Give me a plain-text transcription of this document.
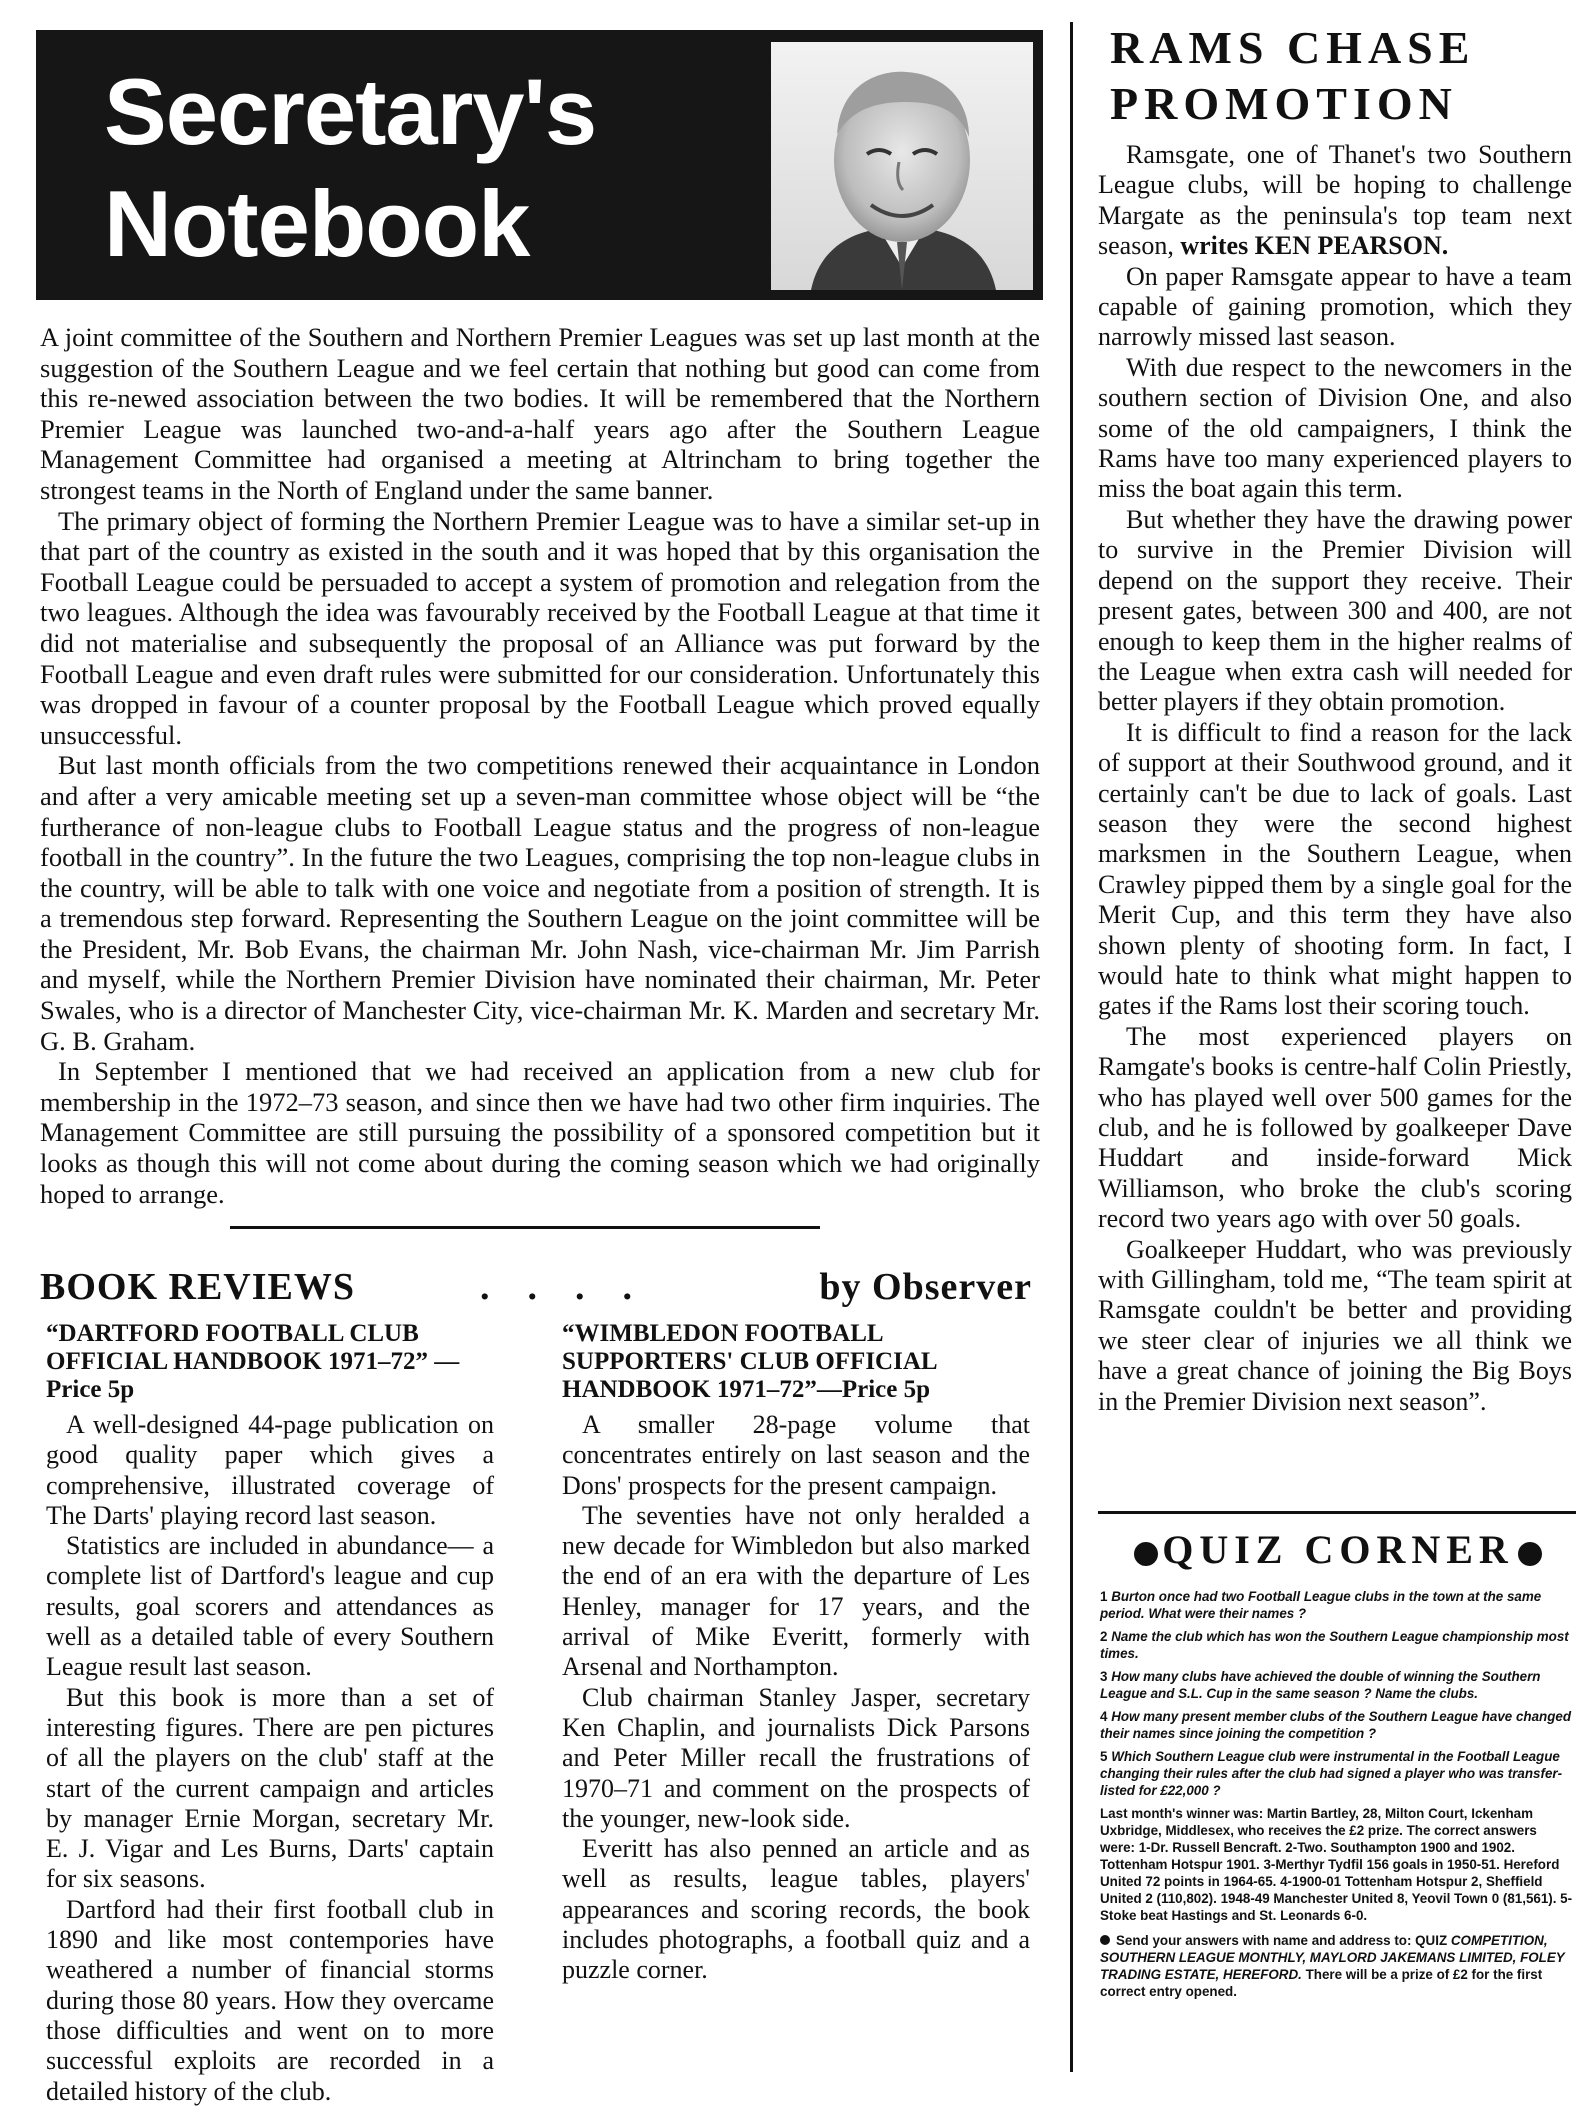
Secretary's
Notebook

A joint committee of the Southern and Northern Premier Leagues was set up last month at the suggestion of the Southern League and we feel certain that nothing but good can come from this re-newed association between the two bodies. It will be remembered that the Northern Premier League was launched two-and-a-half years ago after the Southern League Management Committee had organised a meeting at Altrincham to bring together the strongest teams in the North of England under the same banner.

The primary object of forming the Northern Premier League was to have a similar set-up in that part of the country as existed in the south and it was hoped that by this organisation the Football League could be persuaded to accept a system of promotion and relegation from the two leagues. Although the idea was favourably received by the Football League at that time it did not materialise and subsequently the proposal of an Alliance was put forward by the Football League and even draft rules were submitted for our consideration. Unfortunately this was dropped in favour of a counter proposal by the Football League which proved equally unsuccessful.

But last month officials from the two competitions renewed their acquaintance in London and after a very amicable meeting set up a seven-man committee whose object will be “the furtherance of non-league clubs to Football League status and the progress of non-league football in the country”. In the future the two Leagues, comprising the top non-league clubs in the country, will be able to talk with one voice and negotiate from a position of strength. It is a tremendous step forward. Representing the Southern League on the joint committee will be the President, Mr. Bob Evans, the chairman Mr. John Nash, vice-chairman Mr. Jim Parrish and myself, while the Northern Premier Division have nominated their chairman, Mr. Peter Swales, who is a director of Manchester City, vice-chairman Mr. K. Marden and secretary Mr. G. B. Graham.

In September I mentioned that we had received an application from a new club for membership in the 1972–73 season, and since then we have had two other firm inquiries. The Management Committee are still pursuing the possibility of a sponsored competition but it looks as though this will not come about during the coming season which we had originally hoped to arrange.

BOOK REVIEWS	....	by Observer
“DARTFORD FOOTBALL CLUB OFFICIAL HANDBOOK 1971–72” —Price 5p

A well-designed 44-page publication on good quality paper which gives a comprehensive, illustrated coverage of The Darts' playing record last season.

Statistics are included in abundance— a complete list of Dartford's league and cup results, goal scorers and attendances as well as a detailed table of every Southern League result last season.

But this book is more than a set of interesting figures. There are pen pictures of all the players on the club' staff at the start of the current campaign and articles by manager Ernie Morgan, secretary Mr. E. J. Vigar and Les Burns, Darts' captain for six seasons.

Dartford had their first football club in 1890 and like most contempories have weathered a number of financial storms during those 80 years. How they overcame those difficulties and went on to more successful exploits are recorded in a detailed history of the club.

“WIMBLEDON FOOTBALL SUPPORTERS' CLUB OFFICIAL HANDBOOK 1971–72”—Price 5p

A smaller 28-page volume that concentrates entirely on last season and the Dons' prospects for the present campaign.

The seventies have not only heralded a new decade for Wimbledon but also marked the end of an era with the departure of Les Henley, manager for 17 years, and the arrival of Mike Everitt, formerly with Arsenal and Northampton.

Club chairman Stanley Jasper, secretary Ken Chaplin, and journalists Dick Parsons and Peter Miller recall the frustrations of 1970–71 and comment on the prospects of the younger, new-look side.

Everitt has also penned an article and as well as results, league tables, players' appearances and scoring records, the book includes photographs, a football quiz and a puzzle corner.

RAMS CHASE
PROMOTION

Ramsgate, one of Thanet's two Southern League clubs, will be hoping to challenge Margate as the peninsula's top team next season, writes KEN PEARSON.

On paper Ramsgate appear to have a team capable of gaining promotion, which they narrowly missed last season.

With due respect to the newcomers in the southern section of Division One, and also some of the old campaigners, I think the Rams have too many experienced players to miss the boat again this term.

But whether they have the drawing power to survive in the Premier Division will depend on the support they receive. Their present gates, between 300 and 400, are not enough to keep them in the higher realms of the League when extra cash will needed for better players if they obtain promotion.

It is difficult to find a reason for the lack of support at their Southwood ground, and it certainly can't be due to lack of goals. Last season they were the second highest marksmen in the Southern League, when Crawley pipped them by a single goal for the Merit Cup, and this term they have also shown plenty of shooting form. In fact, I would hate to think what might happen to gates if the Rams lost their scoring touch.

The most experienced players on Ramgate's books is centre-half Colin Priestly, who has played well over 500 games for the club, and he is followed by goalkeeper Dave Huddart and inside-forward Mick Williamson, who broke the club's scoring record two years ago with over 50 goals.

Goalkeeper Huddart, who was previously with Gillingham, told me, “The team spirit at Ramsgate couldn't be better and providing we steer clear of injuries we all think we have a great chance of joining the Big Boys in the Premier Division next season”.

QUIZ CORNER

1 Burton once had two Football League clubs in the town at the same period. What were their names ?

2 Name the club which has won the Southern League championship most times.

3 How many clubs have achieved the double of winning the Southern League and S.L. Cup in the same season ? Name the clubs.

4 How many present member clubs of the Southern League have changed their names since joining the competition ?

5 Which Southern League club were instrumental in the Football League changing their rules after the club had signed a player who was transfer-listed for £22,000 ?

Last month's winner was: Martin Bartley, 28, Milton Court, Ickenham Uxbridge, Middlesex, who receives the £2 prize. The correct answers were: 1-Dr. Russell Bencraft. 2-Two. Southampton 1900 and 1902. Tottenham Hotspur 1901. 3-Merthyr Tydfil 156 goals in 1950-51. Hereford United 72 points in 1964-65. 4-1900-01 Tottenham Hotspur 2, Sheffield United 2 (110,802). 1948-49 Manchester United 8, Yeovil Town 0 (81,561). 5-Stoke beat Hastings and St. Leonards 6-0.

Send your answers with name and address to: QUIZ COMPETITION, SOUTHERN LEAGUE MONTHLY, MAYLORD JAKEMANS LIMITED, FOLEY TRADING ESTATE, HEREFORD. There will be a prize of £2 for the first correct entry opened.
